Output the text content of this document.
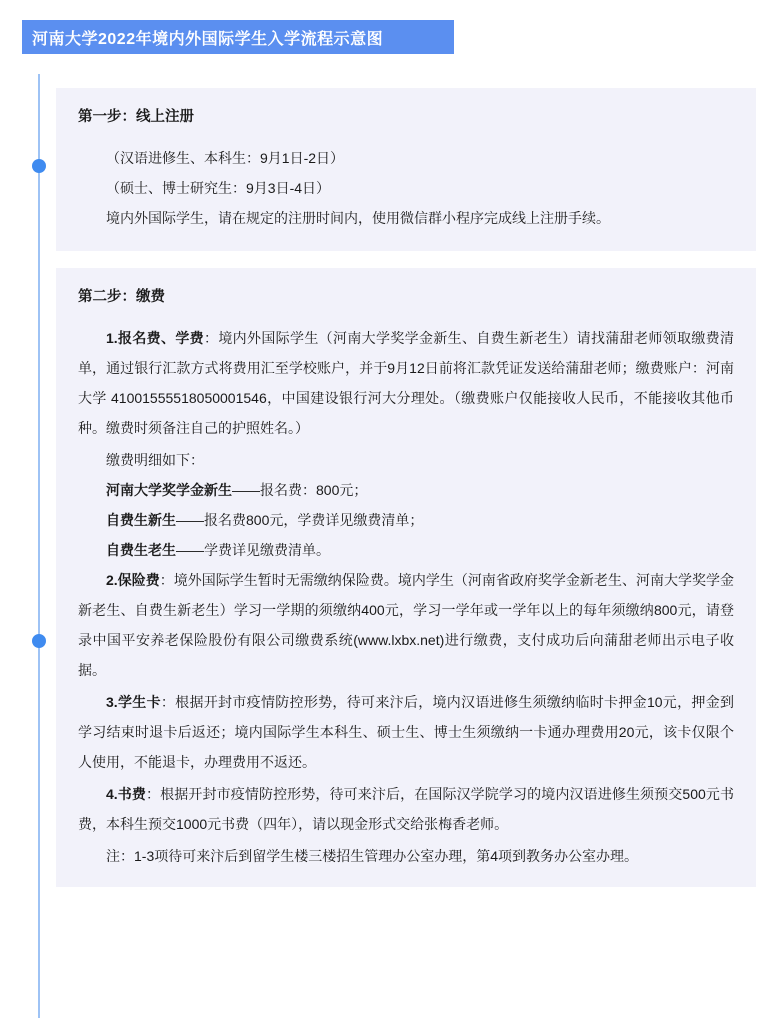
河南大学2022年境内外国际学生入学流程示意图
第一步：线上注册
（汉语进修生、本科生：9月1日-2日）
（硕士、博士研究生：9月3日-4日）
境内外国际学生，请在规定的注册时间内，使用微信群小程序完成线上注册手续。
第二步：缴费
1.报名费、学费：境内外国际学生（河南大学奖学金新生、自费生新老生）请找蒲甜老师领取缴费清单，通过银行汇款方式将费用汇至学校账户，并于9月12日前将汇款凭证发送给蒲甜老师；缴费账户：河南大学 41001555518050001546，中国建设银行河大分理处。（缴费账户仅能接收人民币，不能接收其他币种。缴费时须备注自己的护照姓名。）
缴费明细如下：
河南大学奖学金新生——报名费：800元；
自费生新生——报名费800元，学费详见缴费清单；
自费生老生——学费详见缴费清单。
2.保险费：境外国际学生暂时无需缴纳保险费。境内学生（河南省政府奖学金新老生、河南大学奖学金新老生、自费生新老生）学习一学期的须缴纳400元，学习一学年或一学年以上的每年须缴纳800元，请登录中国平安养老保险股份有限公司缴费系统(www.lxbx.net)进行缴费，支付成功后向蒲甜老师出示电子收据。
3.学生卡：根据开封市疫情防控形势，待可来汴后，境内汉语进修生须缴纳临时卡押金10元，押金到学习结束时退卡后返还；境内国际学生本科生、硕士生、博士生须缴纳一卡通办理费用20元，该卡仅限个人使用，不能退卡，办理费用不返还。
4.书费：根据开封市疫情防控形势，待可来汴后，在国际汉学院学习的境内汉语进修生须预交500元书费，本科生预交1000元书费（四年），请以现金形式交给张梅香老师。
注：1-3项待可来汴后到留学生楼三楼招生管理办公室办理，第4项到教务办公室办理。
